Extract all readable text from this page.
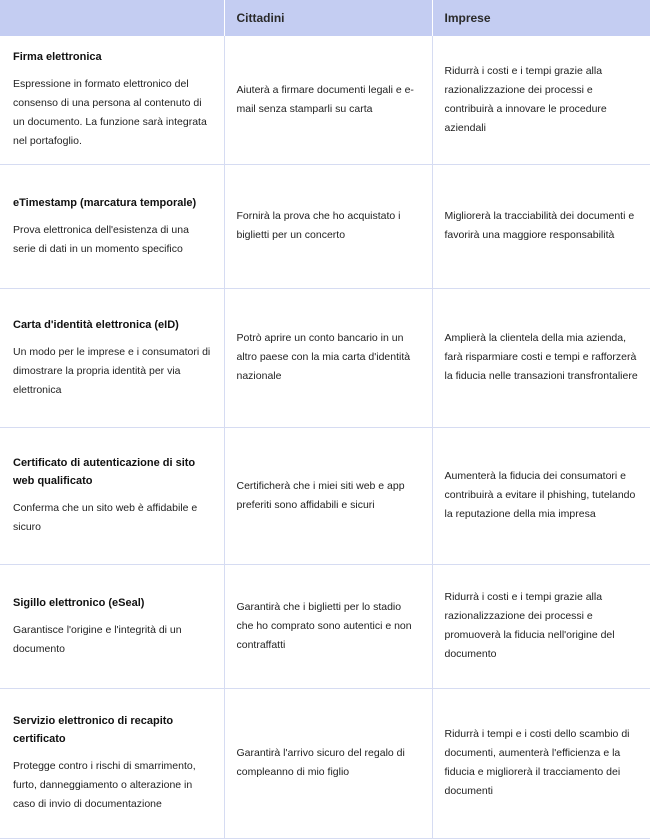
	Cittadini	Imprese

Firma elettronica
Espressione in formato elettronico del consenso di una persona al contenuto di un documento. La funzione sarà integrata nel portafoglio.	Aiuterà a firmare documenti legali e e-mail senza stamparli su carta	Ridurrà i costi e i tempi grazie alla razionalizzazione dei processi e contribuirà a innovare le procedure aziendali

eTimestamp (marcatura temporale)
Prova elettronica dell'esistenza di una serie di dati in un momento specifico	Fornirà la prova che ho acquistato i biglietti per un concerto	Migliorerà la tracciabilità dei documenti e favorirà una maggiore responsabilità

Carta d'identità elettronica (eID)
Un modo per le imprese e i consumatori di dimostrare la propria identità per via elettronica	Potrò aprire un conto bancario in un altro paese con la mia carta d'identità nazionale	Amplierà la clientela della mia azienda, farà risparmiare costi e tempi e rafforzerà la fiducia nelle transazioni transfrontaliere

Certificato di autenticazione di sito web qualificato
Conferma che un sito web è affidabile e sicuro	Certificherà che i miei siti web e app preferiti sono affidabili e sicuri	Aumenterà la fiducia dei consumatori e contribuirà a evitare il phishing, tutelando la reputazione della mia impresa

Sigillo elettronico (eSeal)
Garantisce l'origine e l'integrità di un documento	Garantirà che i biglietti per lo stadio che ho comprato sono autentici e non contraffatti	Ridurrà i costi e i tempi grazie alla razionalizzazione dei processi e promuoverà la fiducia nell'origine del documento

Servizio elettronico di recapito certificato
Protegge contro i rischi di smarrimento, furto, danneggiamento o alterazione in caso di invio di documentazione	Garantirà l'arrivo sicuro del regalo di compleanno di mio figlio	Ridurrà i tempi e i costi dello scambio di documenti, aumenterà l'efficienza e la fiducia e migliorerà il tracciamento dei documenti
